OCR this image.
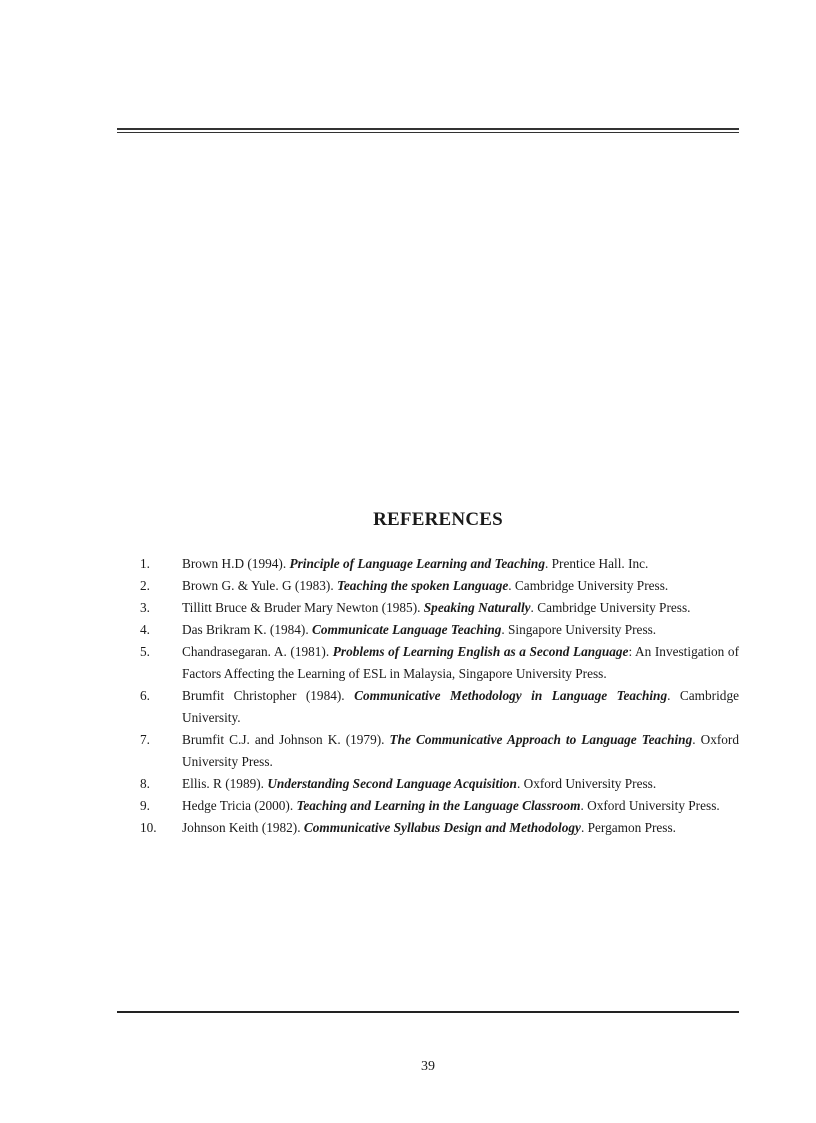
REFERENCES
1.	Brown H.D (1994). Principle of Language Learning and Teaching. Prentice Hall. Inc.
2.	Brown G. & Yule. G (1983). Teaching the spoken Language. Cambridge University Press.
3.	Tillitt Bruce & Bruder Mary Newton (1985). Speaking Naturally. Cambridge University Press.
4.	Das Brikram K. (1984). Communicate Language Teaching. Singapore University Press.
5.	Chandrasegaran. A. (1981). Problems of Learning English as a Second Language: An Investigation of Factors Affecting the Learning of ESL in Malaysia, Singapore University Press.
6.	Brumfit Christopher (1984). Communicative Methodology in Language Teaching. Cambridge University.
7.	Brumfit C.J. and Johnson K. (1979). The Communicative Approach to Language Teaching. Oxford University Press.
8.	Ellis. R (1989). Understanding Second Language Acquisition. Oxford University Press.
9.	Hedge Tricia (2000). Teaching and Learning in the Language Classroom. Oxford University Press.
10.	Johnson Keith (1982). Communicative Syllabus Design and Methodology. Pergamon Press.
39
